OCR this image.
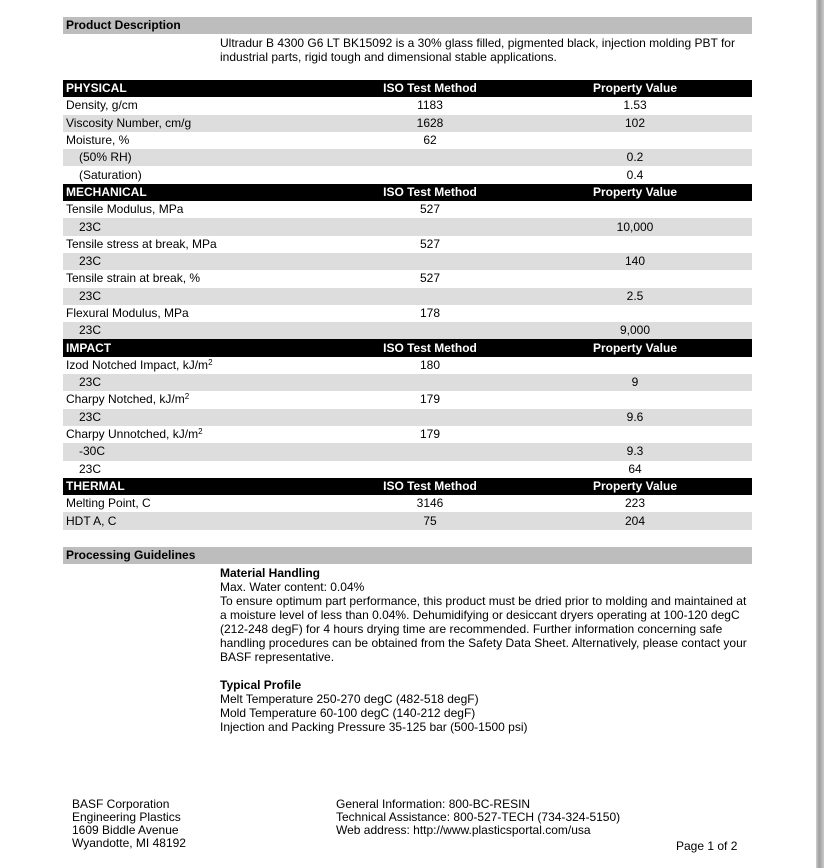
Product Description
Ultradur B 4300 G6 LT BK15092 is a 30% glass filled, pigmented black, injection molding PBT for industrial parts, rigid tough and dimensional stable applications.
PHYSICAL	ISO Test Method	Property Value
Density, g/cm	1183	1.53
Viscosity Number, cm/g	1628	102
Moisture, %	62	
(50% RH)		0.2
(Saturation)		0.4
MECHANICAL	ISO Test Method	Property Value
Tensile Modulus, MPa	527	
23C		10,000
Tensile stress at break, MPa	527	
23C		140
Tensile strain at break, %	527	
23C		2.5
Flexural Modulus, MPa	178	
23C		9,000
IMPACT	ISO Test Method	Property Value
Izod Notched Impact, $kJ/m^2$	180	
23C		9
Charpy Notched, $kJ/m^2$	179	
23C		9.6
Charpy Unnotched, $kJ/m^2$	179	
-30C		9.3
23C		64
THERMAL	ISO Test Method	Property Value
Melting Point, C	3146	223
HDT A, C	75	204
Processing Guidelines
Material Handling
Max. Water content: 0.04%
To ensure optimum part performance, this product must be dried prior to molding and maintained at a moisture level of less than 0.04%. Dehumidifying or desiccant dryers operating at 100-120 degC (212-248 degF) for 4 hours drying time are recommended. Further information concerning safe handling procedures can be obtained from the Safety Data Sheet. Alternatively, please contact your BASF representative.
Typical Profile
Melt Temperature 250-270 degC (482-518 degF)
Mold Temperature 60-100 degC (140-212 degF)
Injection and Packing Pressure 35-125 bar (500-1500 psi)
BASF Corporation
Engineering Plastics
1609 Biddle Avenue
Wyandotte, MI 48192
General Information: 800-BC-RESIN
Technical Assistance: 800-527-TECH (734-324-5150)
Web address: http://www.plasticsportal.com/usa
Page 1 of 2
